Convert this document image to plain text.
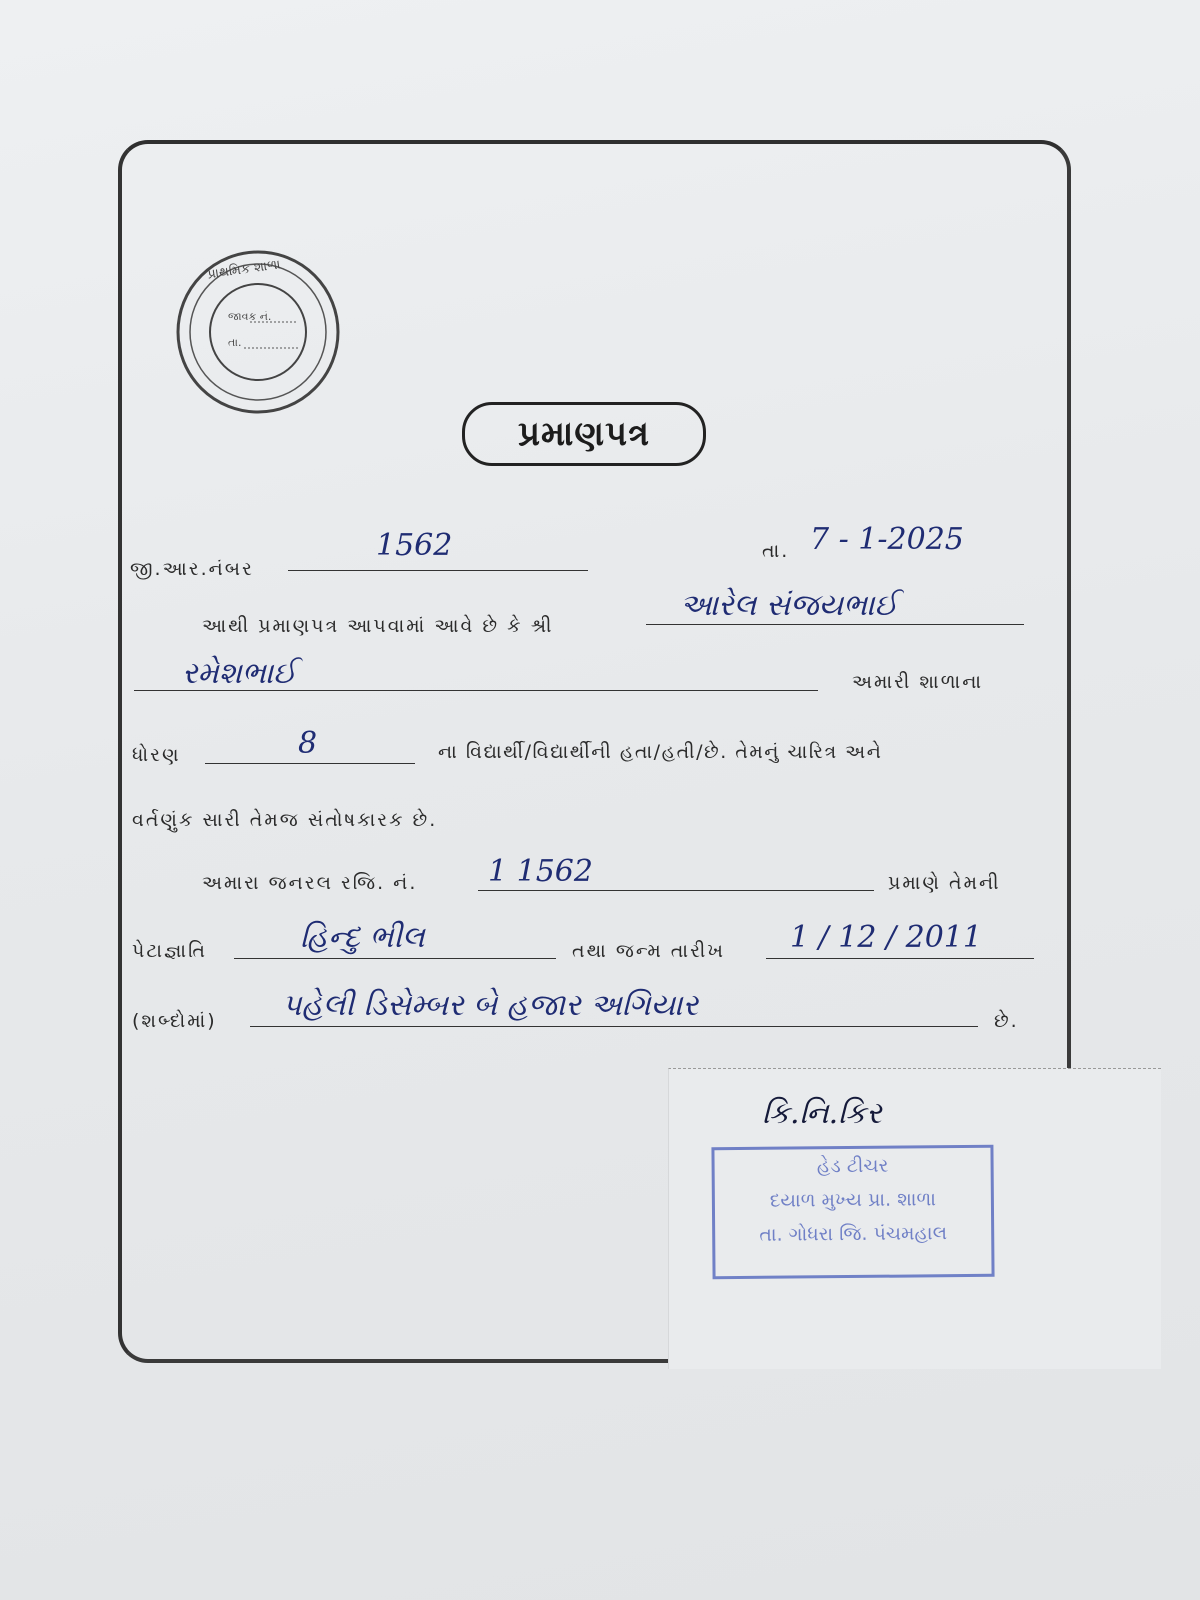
જાવક નં.
તા.
પ્રાથમિક શાળા
પ્રમાણપત્ર
જી.આર.નંબર
1562	તા. 7 - 1-2025
આથી પ્રમાણપત્ર આપવામાં આવે છે કે શ્રી
આરેલ સંજયભાઈ
રમેશભાઈ	અમારી શાળાના
ધોરણ	8	ના વિદ્યાર્થી/વિદ્યાર્થીની હતા/હતી/છે. તેમનું ચારિત્ર અને
વર્તણુંક સારી તેમજ સંતોષકારક છે.
અમારા જનરલ રજિ. નં. 1 1562	પ્રમાણે તેમની
પેટાજ્ઞાતિ	હિન્દુ ભીલ	તથા જન્મ તારીખ 1 / 12 / 2011
(શબ્દોમાં) પહેલી ડિસેમ્બર બે હજાર અગિયાર	છે.
કિ.નિ.કિર
હેડ ટીચર
દયાળ મુખ્ય પ્રા. શાળા
તા. ગોધરા જિ. પંચમહાલ
